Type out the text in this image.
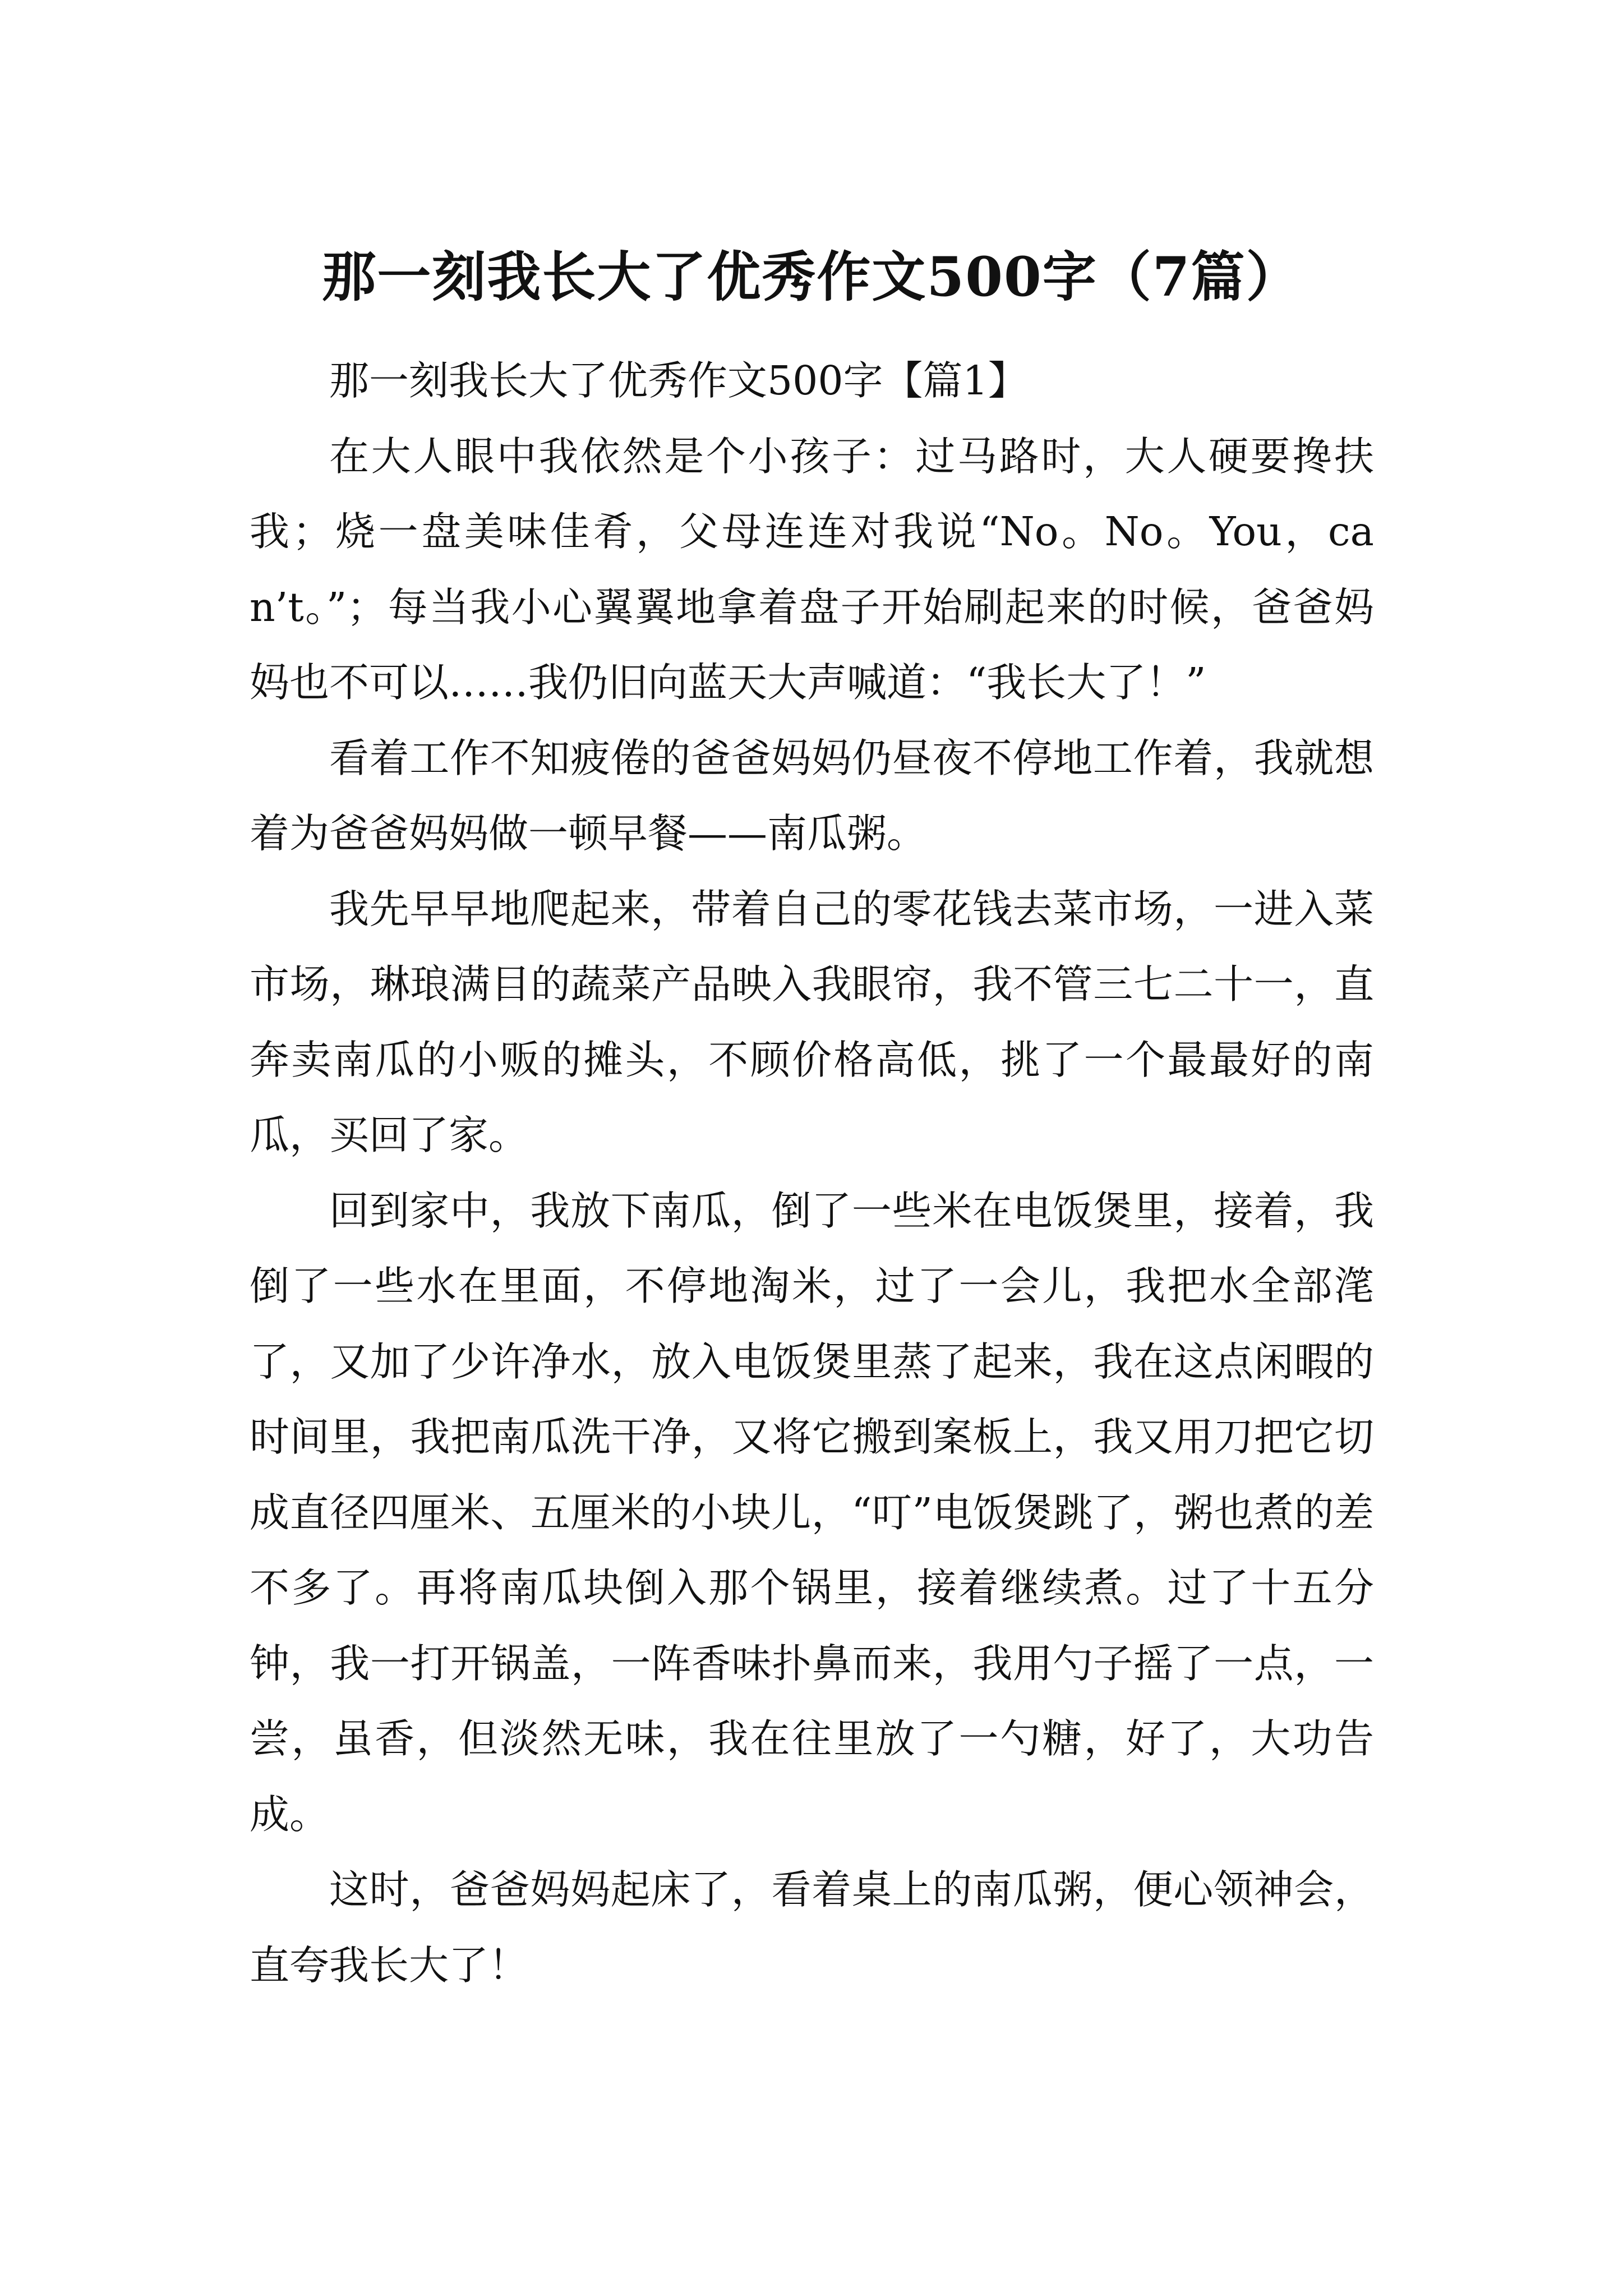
那一刻我长大了优秀作文500字（7篇）

那一刻我长大了优秀作文500字【篇1】

在大人眼中我依然是个小孩子：过马路时，大人硬要搀扶我；烧一盘美味佳肴，父母连连对我说“No。No。You，can’t。”；每当我小心翼翼地拿着盘子开始刷起来的时候，爸爸妈妈也不可以……我仍旧向蓝天大声喊道：“我长大了！”

看着工作不知疲倦的爸爸妈妈仍昼夜不停地工作着，我就想着为爸爸妈妈做一顿早餐——南瓜粥。

我先早早地爬起来，带着自己的零花钱去菜市场，一进入菜市场，琳琅满目的蔬菜产品映入我眼帘，我不管三七二十一，直奔卖南瓜的小贩的摊头，不顾价格高低，挑了一个最最好的南瓜，买回了家。

回到家中，我放下南瓜，倒了一些米在电饭煲里，接着，我倒了一些水在里面，不停地淘米，过了一会儿，我把水全部滗了，又加了少许净水，放入电饭煲里蒸了起来，我在这点闲暇的时间里，我把南瓜洗干净，又将它搬到案板上，我又用刀把它切成直径四厘米、五厘米的小块儿，“叮”电饭煲跳了，粥也煮的差不多了。再将南瓜块倒入那个锅里，接着继续煮。过了十五分钟，我一打开锅盖，一阵香味扑鼻而来，我用勺子摇了一点，一尝，虽香，但淡然无味，我在往里放了一勺糖，好了，大功告成。

这时，爸爸妈妈起床了，看着桌上的南瓜粥，便心领神会，直夸我长大了！
